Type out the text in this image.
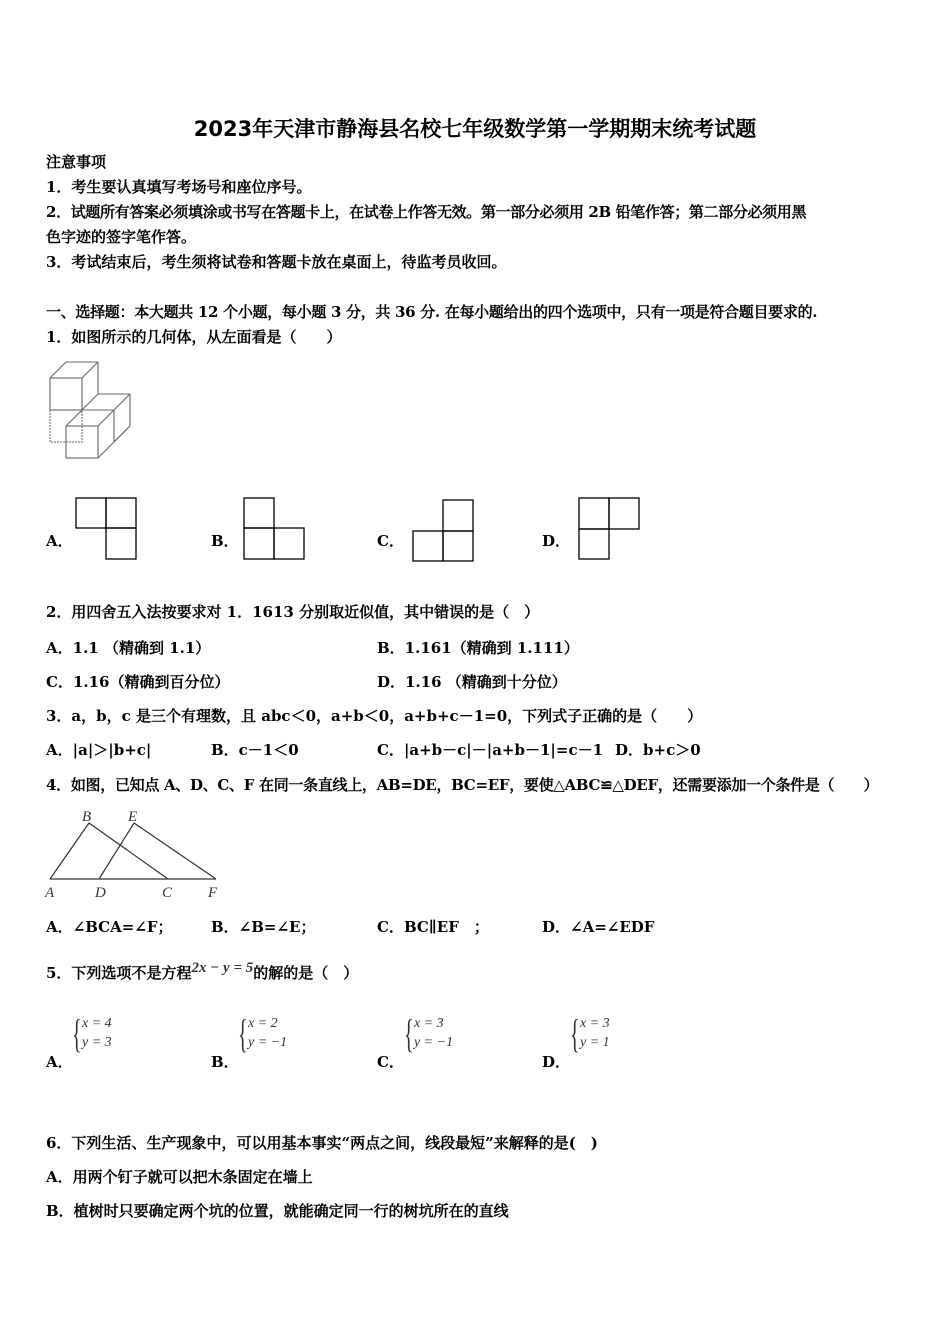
2023年天津市静海县名校七年级数学第一学期期末统考试题
注意事项
1．考生要认真填写考场号和座位序号。
2．试题所有答案必须填涂或书写在答题卡上，在试卷上作答无效。第一部分必须用 2B 铅笔作答；第二部分必须用黑
色字迹的签字笔作答。
3．考试结束后，考生须将试卷和答题卡放在桌面上，待监考员收回。
一、选择题：本大题共 12 个小题，每小题 3 分，共 36 分. 在每小题给出的四个选项中，只有一项是符合题目要求的.
1．如图所示的几何体，从左面看是（　　）
A．	B．	C．	D．
2．用四舍五入法按要求对 1．1613 分别取近似值，其中错误的是（　）
A．1.1 （精确到 1.1）	B．1.161（精确到 1.111）
C．1.16（精确到百分位）	D．1.16 （精确到十分位）
3．a，b，c 是三个有理数，且 abc＜0，a+b＜0，a+b+c－1=0，下列式子正确的是（　　）
A．|a|＞|b+c|	B．c－1＜0	C．|a+b－c|－|a+b－1|=c－1 D．b+c＞0
4．如图，已知点 A、D、C、F 在同一条直线上，AB=DE，BC=EF，要使△ABC≌△DEF，还需要添加一个条件是（　　）
B E
A	D	C F
A．∠BCA=∠F；	B．∠B=∠E；	C．BC∥EF　；	D．∠A=∠EDF
5．下列选项不是方程2x − y = 5的解的是（　）
A．
{ x = 4
y = 3
B．
{ x = 2
y = −1
C．
{ x = 3
y = −1
D．
{ x = 3
y = 1
6．下列生活、生产现象中，可以用基本事实“两点之间，线段最短”来解释的是(　)
A．用两个钉子就可以把木条固定在墙上
B．植树时只要确定两个坑的位置，就能确定同一行的树坑所在的直线
